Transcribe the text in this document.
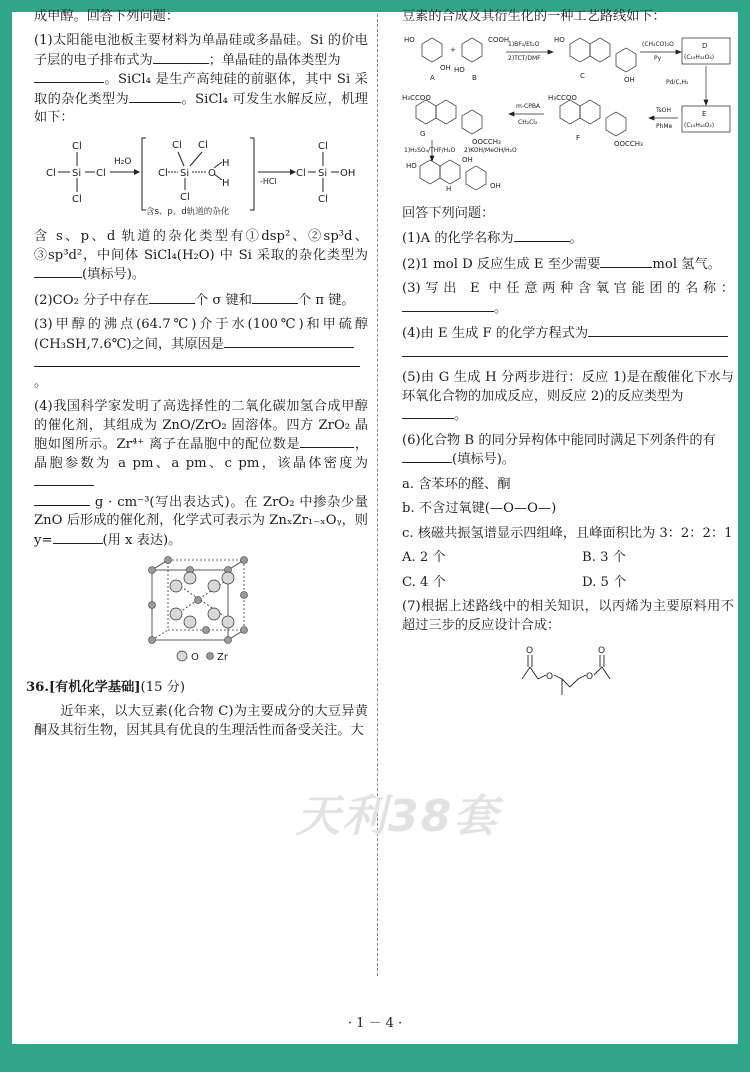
成甲醇。回答下列问题：

(1)太阳能电池板主要材料为单晶硅或多晶硅。Si 的价电子层的电子排布式为	；单晶硅的晶体类型为
。SiCl₄ 是生产高纯硅的前驱体，其中 Si 采取的杂化类型为	。SiCl₄ 可发生水解反应，机理如下：

Cl
Cl Si Cl
Cl
H₂O
Cl Cl
Cl Si O
H
H
Cl
含s、p、d轨道的杂化
-HCl
Cl
Cl Si OH
Cl

含 s、p、d 轨道的杂化类型有①dsp²、②sp³d、③sp³d²，中间体 SiCl₄(H₂O) 中 Si 采取的杂化类型为(填标号)。

(2)CO₂ 分子中存在	个 σ 键和	个 π 键。

(3)甲醇的沸点(64.7℃)介于水(100℃)和甲硫醇(CH₃SH,7.6℃)之间，其原因是
。

(4)我国科学家发明了高选择性的二氧化碳加氢合成甲醇的催化剂，其组成为 ZnO/ZrO₂ 固溶体。四方 ZrO₂ 晶胞如图所示。Zr⁴⁺ 离子在晶胞中的配位数是	，晶胞参数为 a pm、a pm、c pm，该晶体密度为
g · cm⁻³(写出表达式)。在 ZrO₂ 中掺杂少量 ZnO 后形成的催化剂，化学式可表示为 ZnₓZr₁₋ₓOᵧ，则 y=	(用 x 表达)。

O Zr

36.[有机化学基础](15 分)

近年来，以大豆素(化合物 C)为主要成分的大豆异黄酮及其衍生物，因其具有优良的生理活性而备受关注。大

豆素的合成及其衍生化的一种工艺路线如下：

HO
OH
A
+
HO
COOH
B
1)BF₃/Et₂O
2)TCT/DMF
HO
OH
C
(CH₃CO)₂O
Py
D
(C₁₉H₁₄O₆)
Pd/C,H₂
E
(C₁₉H₁₆O₅)
TsOH
PhMe
H₃CCOO
OOCCH₃
F
m-CPBA
CH₂Cl₂
H₃CCOO
OOCCH₃
G
1)H₂SO₄/THF/H₂O 2)KOH/MeOH/H₂O
HO
OH
OH
H

回答下列问题：

(1)A 的化学名称为	。

(2)1 mol D 反应生成 E 至少需要	mol 氢气。

(3)写出 E 中任意两种含氧官能团的名称：。

(4)由 E 生成 F 的化学方程式为

(5)由 G 生成 H 分两步进行：反应 1)是在酸催化下水与环氧化合物的加成反应，则反应 2)的反应类型为
。

(6)化合物 B 的同分异构体中能同时满足下列条件的有
(填标号)。

a. 含苯环的醛、酮

b. 不含过氧键(—O—O—)

c. 核磁共振氢谱显示四组峰，且峰面积比为 3：2：2：1

A. 2 个	B. 3 个

C. 4 个	D. 5 个

(7)根据上述路线中的相关知识，以丙烯为主要原料用不超过三步的反应设计合成：

O
O	O
O
天利38套
· 1 － 4 ·
